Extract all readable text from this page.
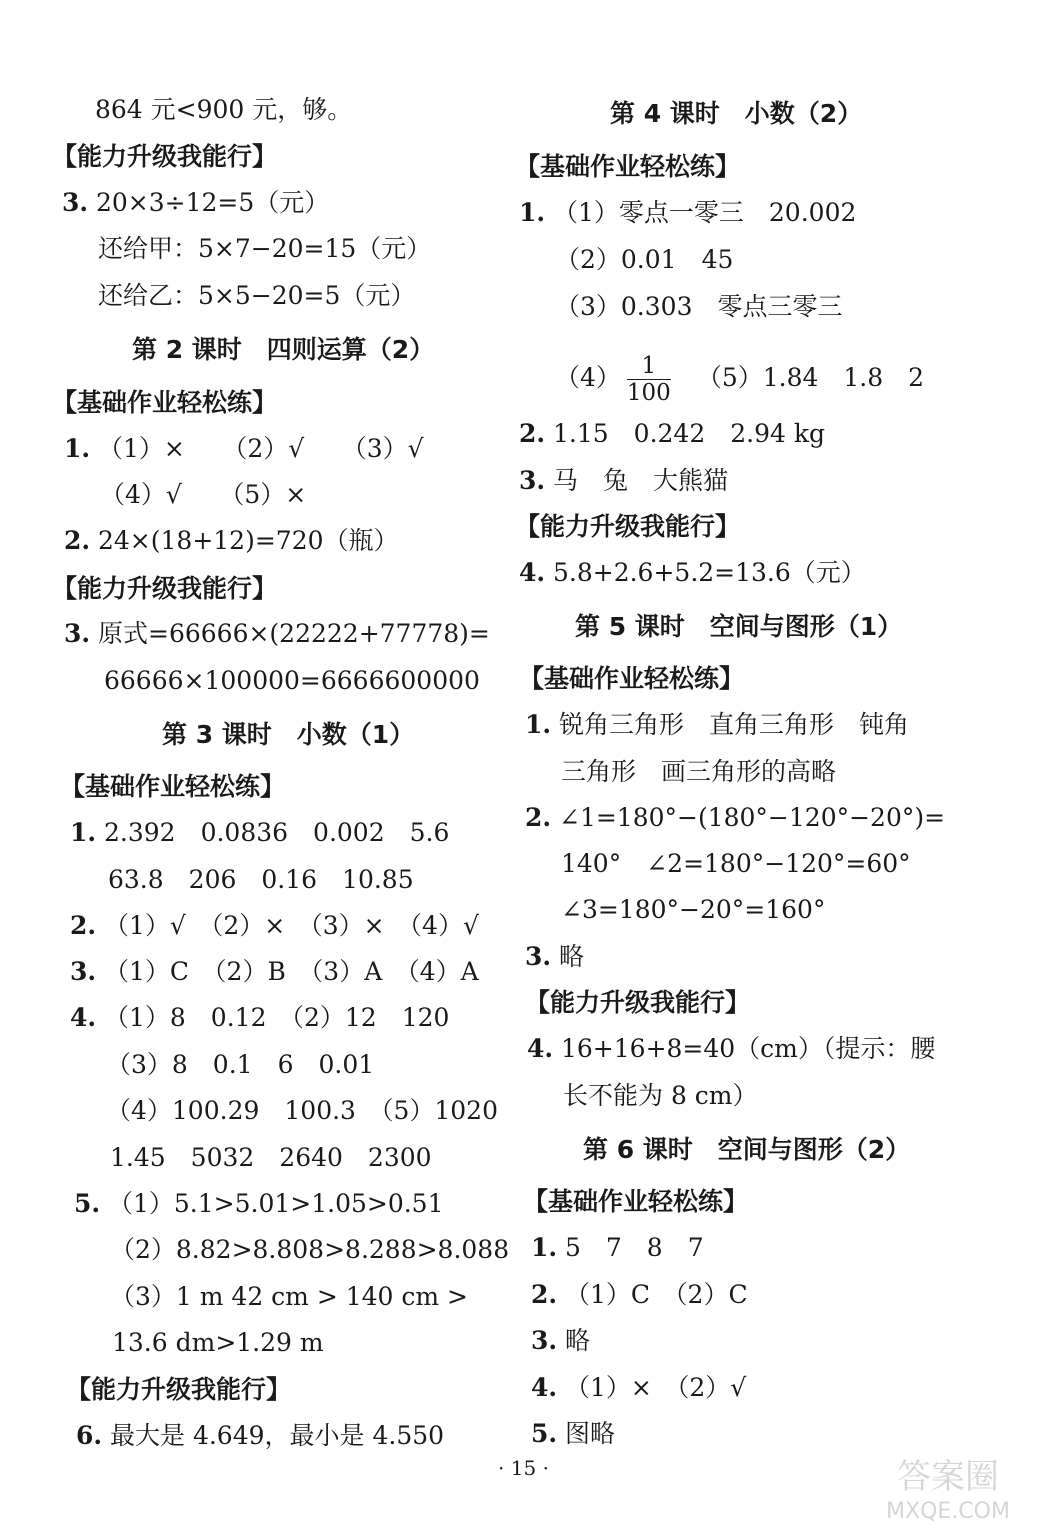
864 元<900 元，够。
【能力升级我能行】
3. 20×3÷12=5（元）
还给甲：5×7−20=15（元）
还给乙：5×5−20=5（元）
第 2 课时　四则运算（2）
【基础作业轻松练】
1. （1）×　　（2）√　　（3）√
（4）√　　（5）×
2. 24×(18+12)=720（瓶）
【能力升级我能行】
3. 原式=66666×(22222+77778)=
66666×100000=6666600000
第 3 课时　小数（1）
【基础作业轻松练】
1. 2.392　0.0836　0.002　5.6
63.8　206　0.16　10.85
2. （1）√　（2）×　（3）×　（4）√
3. （1）C　（2）B　（3）A　（4）A
4. （1）8　0.12　（2）12　120
（3）8　0.1　6　0.01
（4）100.29　100.3　（5）1020
1.45　5032　2640　2300
5. （1）5.1>5.01>1.05>0.51
（2）8.82>8.808>8.288>8.088
（3）1 m 42 cm > 140 cm >
13.6 dm>1.29 m
【能力升级我能行】
6. 最大是 4.649，最小是 4.550
第 4 课时　小数（2）
【基础作业轻松练】
1. （1）零点一零三　20.002
（2）0.01　45
（3）0.303　零点三零三
$(4) \frac{1}{100} (5)1.84$　1.8　2
2. 1.15　0.242　2.94 kg
3. 马　兔　大熊猫
【能力升级我能行】
4. 5.8+2.6+5.2=13.6（元）
第 5 课时　空间与图形（1）
【基础作业轻松练】
1. 锐角三角形　直角三角形　钝角
三角形　画三角形的高略
2. ∠1=180°−(180°−120°−20°)=
140°　∠2=180°−120°=60°
∠3=180°−20°=160°
3. 略
【能力升级我能行】
4. 16+16+8=40（cm）（提示：腰
长不能为 8 cm）
第 6 课时　空间与图形（2）
【基础作业轻松练】
1. 5　7　8　7
2. （1）C　（2）C
3. 略
4. （1）×　（2）√
5. 图略
· 15 ·	答案圈
MXQE.COM
